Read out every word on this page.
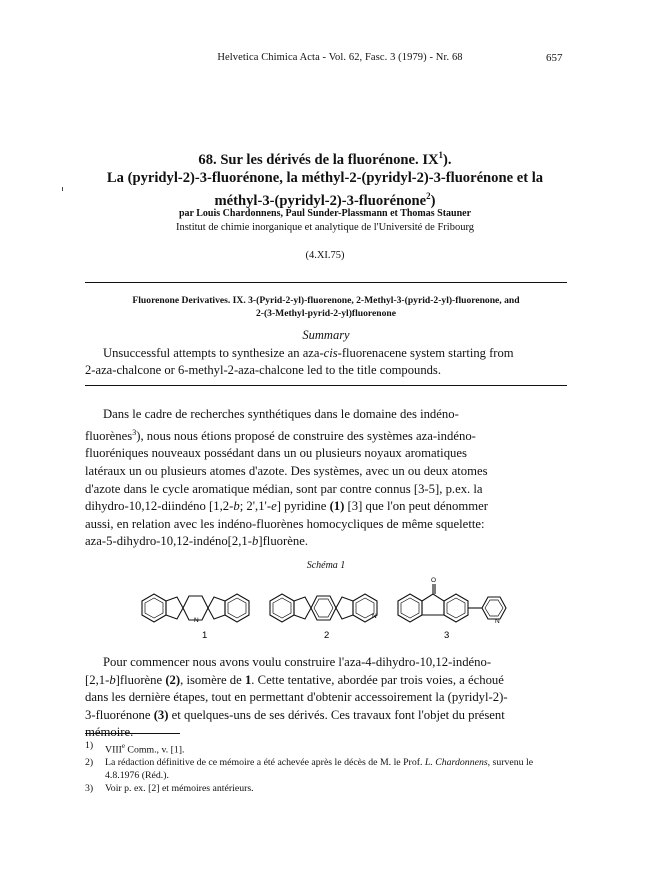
Helvetica Chimica Acta - Vol. 62, Fasc. 3 (1979) - Nr. 68	657
68. Sur les dérivés de la fluorénone. $IX^1$).
La (pyridyl-2)-3-fluorénone, la méthyl-2-(pyridyl-2)-3-fluorénone et la
méthyl-3-(pyridyl-2)-3-fluorénone$^2$)
par Louis Chardonnens, Paul Sunder-Plassmann et Thomas Stauner
Institut de chimie inorganique et analytique de l'Université de Fribourg
(4.XI.75)
Fluorenone Derivatives. IX. 3-(Pyrid-2-yl)-fluorenone, 2-Methyl-3-(pyrid-2-yl)-fluorenone, and
2-(3-Methyl-pyrid-2-yl)fluorenone
Summary
Unsuccessful attempts to synthesize an aza-cis-fluorenacene system starting from
2-aza-chalcone or 6-methyl-2-aza-chalcone led to the title compounds.
Dans le cadre de recherches synthétiques dans le domaine des indéno-
fluorènes$^3$), nous nous étions proposé de construire des systèmes aza-indéno-
fluoréniques nouveaux possédant dans un ou plusieurs noyaux aromatiques
latéraux un ou plusieurs atomes d'azote. Des systèmes, avec un ou deux atomes
d'azote dans le cycle aromatique médian, sont par contre connus [3-5], p.ex. la
dihydro-10,12-diindéno [1,2-b; 2',1'-e] pyridine (1) [3] que l'on peut dénommer
aussi, en relation avec les indéno-fluorènes homocycliques de même squelette:
aza-5-dihydro-10,12-indéno[2,1-b]fluorène.
Schéma 1
N
N
O
N
1	2	3
Pour commencer nous avons voulu construire l'aza-4-dihydro-10,12-indéno-
[2,1-b]fluorène (2), isomère de 1. Cette tentative, abordée par trois voies, a échoué
dans les dernière étapes, tout en permettant d'obtenir accessoirement la (pyridyl-2)-
3-fluorénone (3) et quelques-uns de ses dérivés. Ces travaux font l'objet du présent
mémoire.
1) VIIIe Comm., v. [1].
2) La rédaction définitive de ce mémoire a été achevée après le décès de M. le Prof. L. Chardonnens, survenu le 4.8.1976 (Réd.).
3) Voir p. ex. [2] et mémoires antérieurs.
